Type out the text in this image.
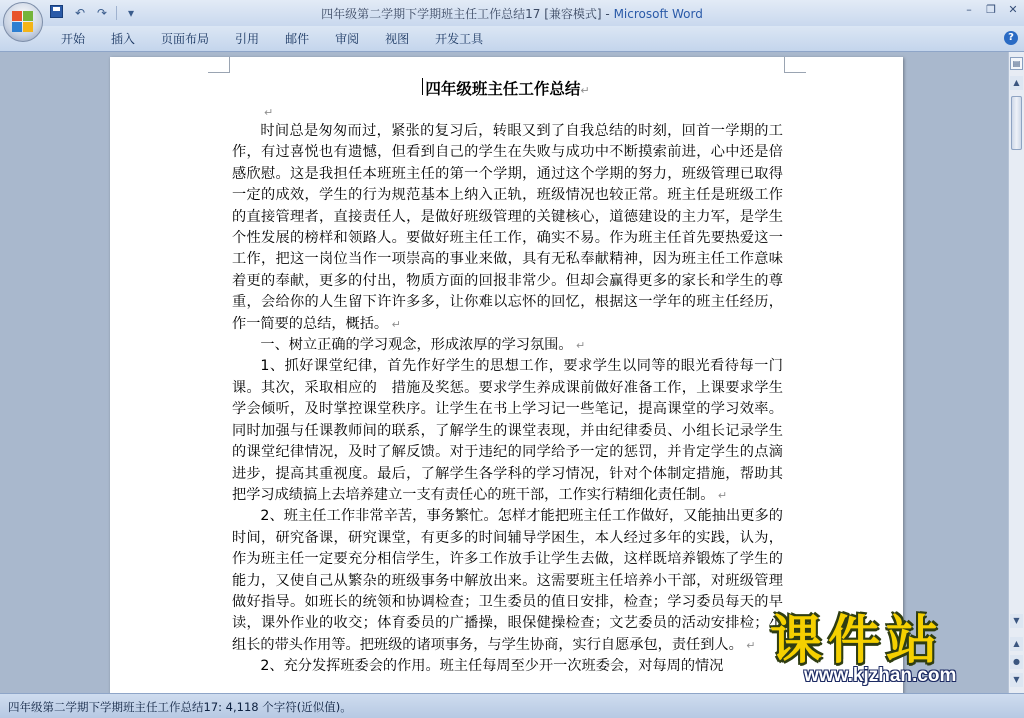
↶ ↷	▾	四年级第二学期下学期班主任工作总结17 [兼容模式] - Microsoft Word	–	❐ ✕
开始	插入	页面布局	引用	邮件	审阅	视图	开发工具	?
四年级班主任工作总结↵
↵

时间总是匆匆而过，紧张的复习后，转眼又到了自我总结的时刻，回首一学期的工作，有过喜悦也有遗憾，但看到自己的学生在失败与成功中不断摸索前进，心中还是倍感欣慰。这是我担任本班班主任的第一个学期，通过这个学期的努力，班级管理已取得一定的成效，学生的行为规范基本上纳入正轨，班级情况也较正常。班主任是班级工作的直接管理者，直接责任人，是做好班级管理的关键核心，道德建设的主力军，是学生个性发展的榜样和领路人。要做好班主任工作，确实不易。作为班主任首先要热爱这一工作，把这一岗位当作一项崇高的事业来做，具有无私奉献精神，因为班主任工作意味着更的奉献，更多的付出，物质方面的回报非常少。但却会赢得更多的家长和学生的尊重，会给你的人生留下许许多多，让你难以忘怀的回忆，根据这一学年的班主任经历，作一简要的总结，概括。 ↵

一、树立正确的学习观念，形成浓厚的学习氛围。 ↵

1、抓好课堂纪律，首先作好学生的思想工作，要求学生以同等的眼光看待每一门课。其次，采取相应的　措施及奖惩。要求学生养成课前做好准备工作，上课要求学生学会倾听，及时掌控课堂秩序。让学生在书上学习记一些笔记，提高课堂的学习效率。同时加强与任课教师间的联系，了解学生的课堂表现，并由纪律委员、小组长记录学生的课堂纪律情况，及时了解反馈。对于违纪的同学给予一定的惩罚，并肯定学生的点滴进步，提高其重视度。最后，了解学生各学科的学习情况，针对个体制定措施，帮助其把学习成绩搞上去培养建立一支有责任心的班干部，工作实行精细化责任制。 ↵

2、班主任工作非常辛苦，事务繁忙。怎样才能把班主任工作做好，又能抽出更多的时间，研究备课，研究课堂，有更多的时间辅导学困生，本人经过多年的实践，认为，作为班主任一定要充分相信学生，许多工作放手让学生去做，这样既培养锻炼了学生的能力，又使自己从繁杂的班级事务中解放出来。这需要班主任培养小干部，对班级管理做好指导。如班长的统领和协调检查；卫生委员的值日安排，检查；学习委员每天的早读，课外作业的收交；体育委员的广播操，眼保健操检查；文艺委员的活动安排检；小组长的带头作用等。把班级的诸项事务，与学生协商，实行自愿承包，责任到人。 ↵

2、充分发挥班委会的作用。班主任每周至少开一次班委会，对每周的情况

▤
▲
▼
▲
●
▼
课件站
www.kjzhan.com
四年级第二学期下学期班主任工作总结17: 4,118 个字符(近似值)。
